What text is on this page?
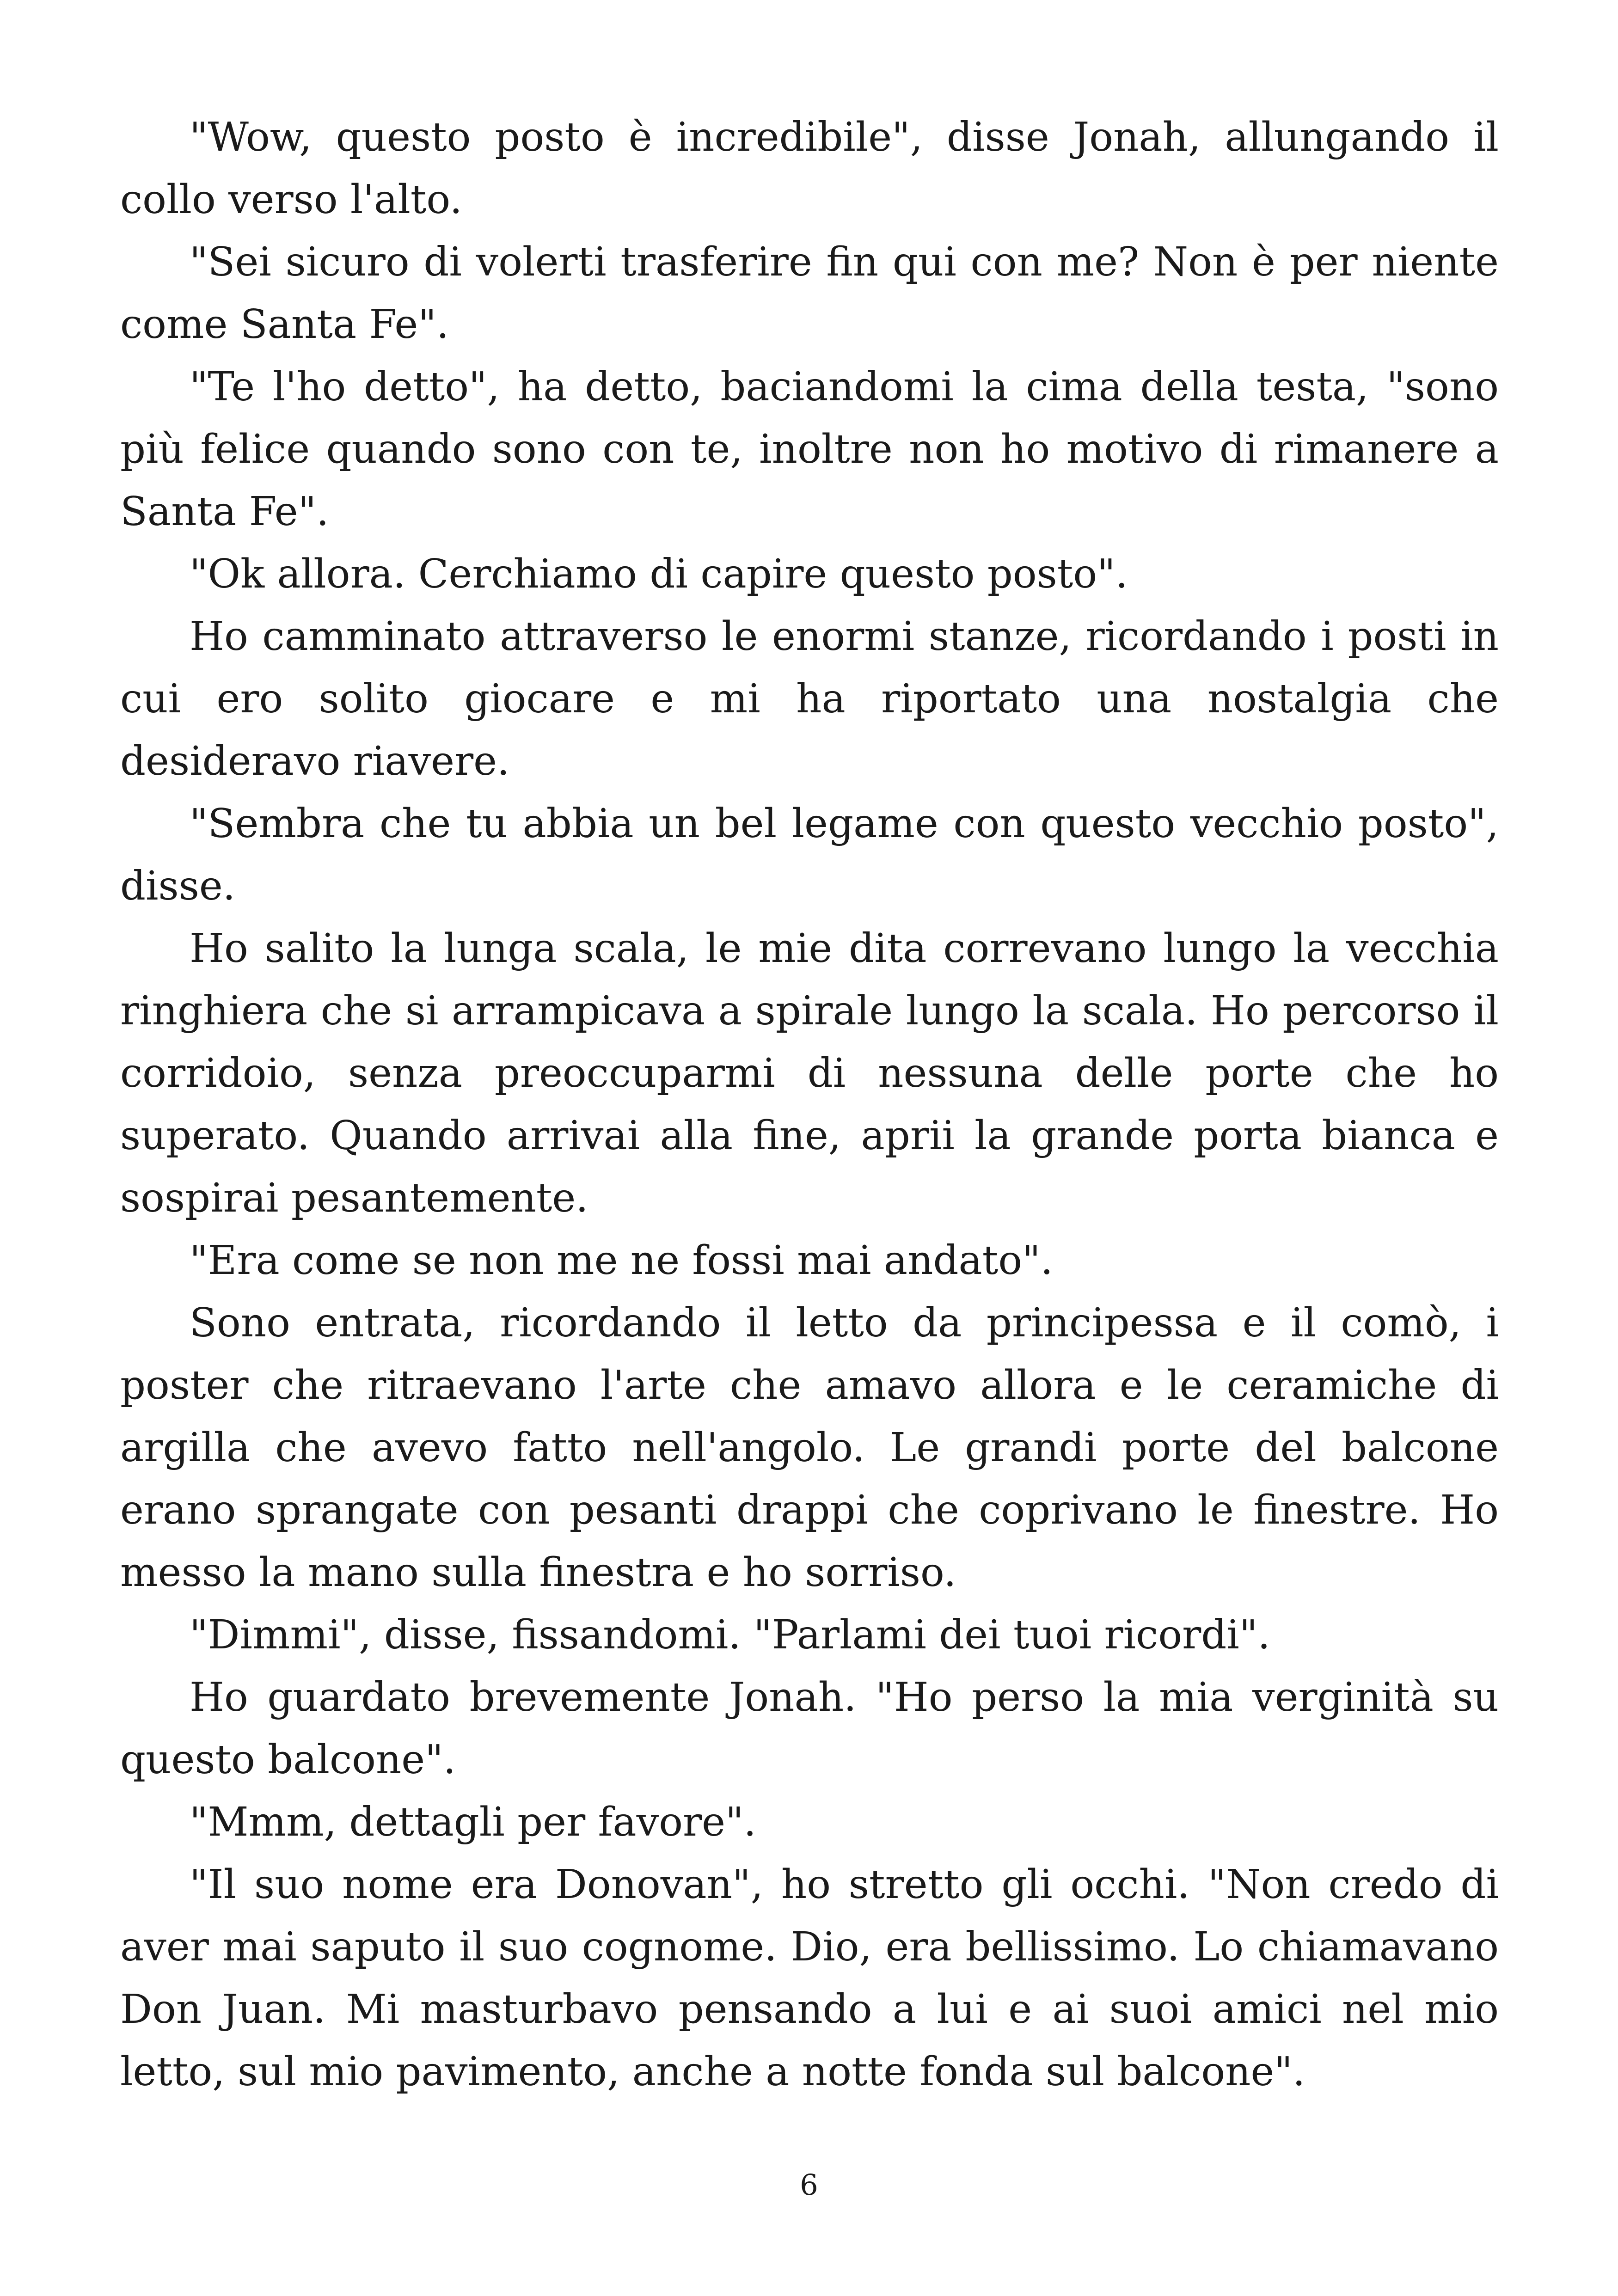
"Wow, questo posto è incredibile", disse Jonah, allungando il collo verso l'alto.

"Sei sicuro di volerti trasferire fin qui con me? Non è per niente come Santa Fe".

"Te l'ho detto", ha detto, baciandomi la cima della testa, "sono più felice quando sono con te, inoltre non ho motivo di rimanere a Santa Fe".

"Ok allora. Cerchiamo di capire questo posto".

Ho camminato attraverso le enormi stanze, ricordando i posti in cui ero solito giocare e mi ha riportato una nostalgia che desideravo riavere.

"Sembra che tu abbia un bel legame con questo vecchio posto", disse.

Ho salito la lunga scala, le mie dita correvano lungo la vecchia ringhiera che si arrampicava a spirale lungo la scala. Ho percorso il corridoio, senza preoccuparmi di nessuna delle porte che ho superato. Quando arrivai alla fine, aprii la grande porta bianca e sospirai pesantemente.

"Era come se non me ne fossi mai andato".

Sono entrata, ricordando il letto da principessa e il comò, i poster che ritraevano l'arte che amavo allora e le ceramiche di argilla che avevo fatto nell'angolo. Le grandi porte del balcone erano sprangate con pesanti drappi che coprivano le finestre. Ho messo la mano sulla finestra e ho sorriso.

"Dimmi", disse, fissandomi. "Parlami dei tuoi ricordi".

Ho guardato brevemente Jonah. "Ho perso la mia verginità su questo balcone".

"Mmm, dettagli per favore".

"Il suo nome era Donovan", ho stretto gli occhi. "Non credo di aver mai saputo il suo cognome. Dio, era bellissimo. Lo chiamavano Don Juan. Mi masturbavo pensando a lui e ai suoi amici nel mio letto, sul mio pavimento, anche a notte fonda sul balcone".

6
